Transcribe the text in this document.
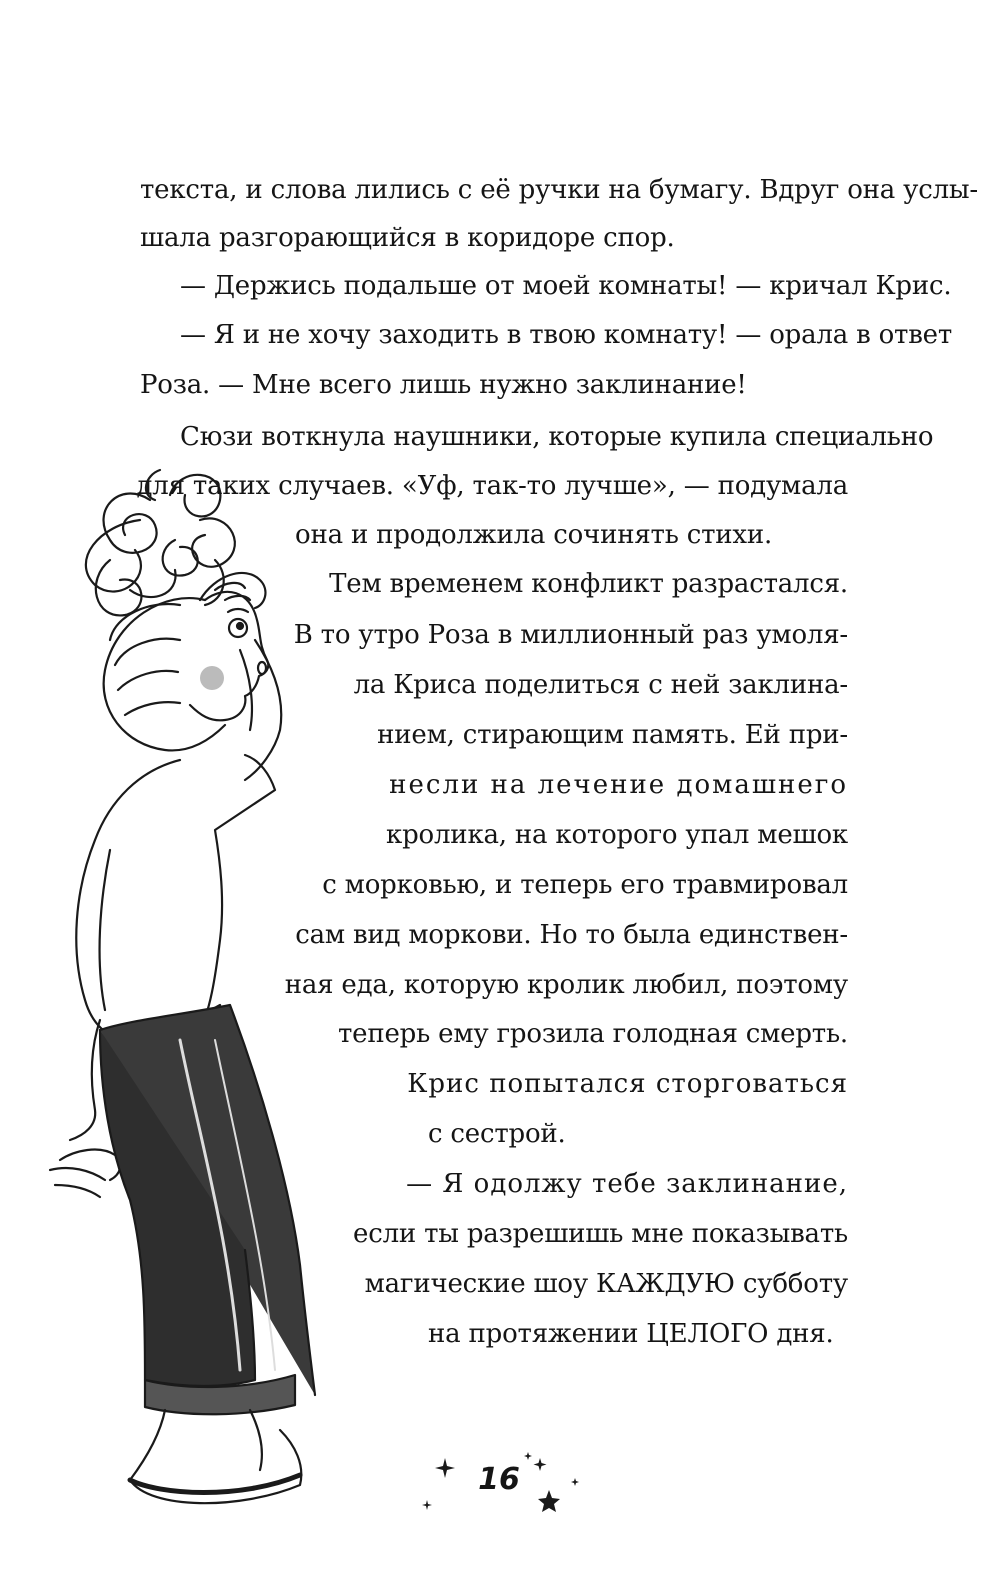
текста, и слова лились с её ручки на бумагу. Вдруг она услы-
шала разгорающийся в коридоре спор.
— Держись подальше от моей комнаты! — кричал Крис.
— Я и не хочу заходить в твою комнату! — орала в ответ
Роза. — Мне всего лишь нужно заклинание!
Сюзи воткнула наушники, которые купила специально
для таких случаев. «Уф, так-то лучше», — подумала
она и продолжила сочинять стихи.
Тем временем конфликт разрастался.
В то утро Роза в миллионный раз умоля-
ла Криса поделиться с ней заклина-
нием, стирающим память. Ей при-
несли на лечение домашнего
кролика, на которого упал мешок
с морковью, и теперь его травмировал
сам вид моркови. Но то была единствен-
ная еда, которую кролик любил, поэтому
теперь ему грозила голодная смерть.
Крис попытался сторговаться
с сестрой.
— Я одолжу тебе заклинание,
если ты разрешишь мне показывать
магические шоу КАЖДУЮ субботу
на протяжении ЦЕЛОГО дня.
16
